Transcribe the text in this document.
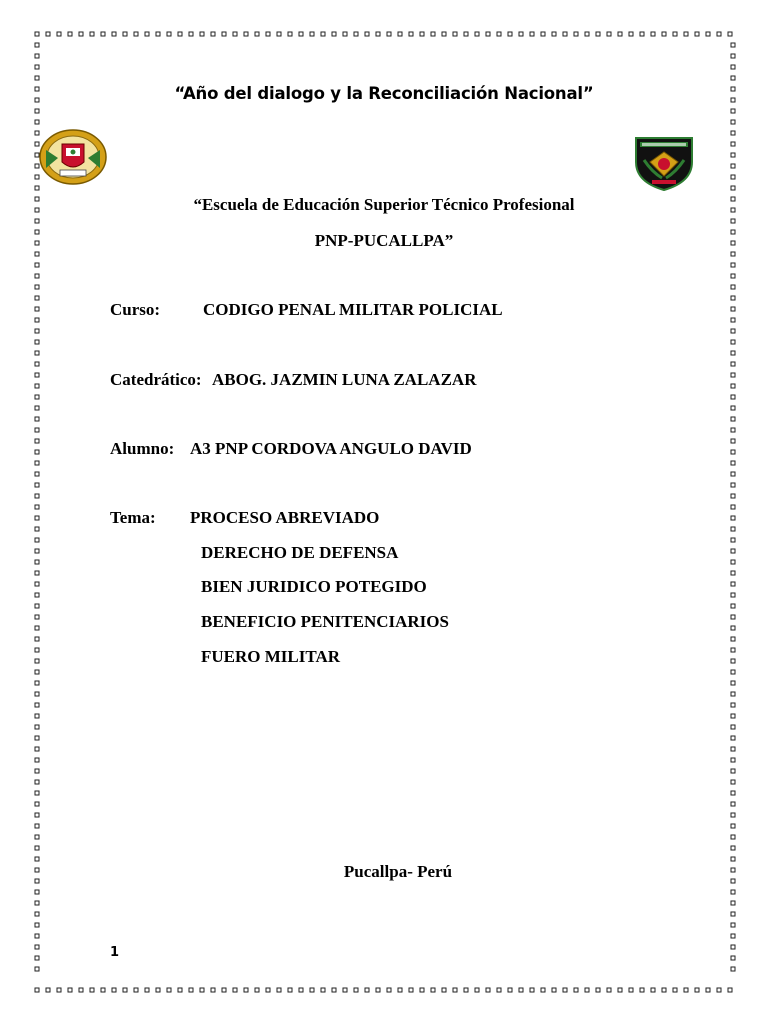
“Año del dialogo y la Reconciliación Nacional”
“Escuela de Educación Superior Técnico Profesional
PNP-PUCALLPA”
Curso:	CODIGO PENAL MILITAR POLICIAL
Catedrático: ABOG. JAZMIN LUNA ZALAZAR
Alumno: A3 PNP CORDOVA ANGULO DAVID
Tema: PROCESO ABREVIADO
DERECHO DE DEFENSA
BIEN JURIDICO POTEGIDO
BENEFICIO PENITENCIARIOS
FUERO MILITAR
Pucallpa- Perú
1
